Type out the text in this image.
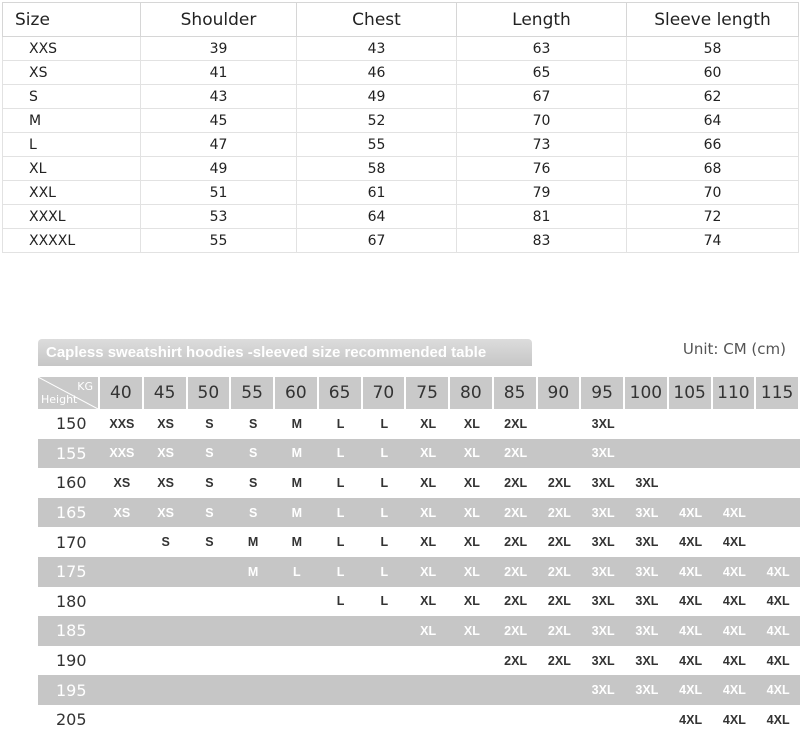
Size	Shoulder	Chest	Length	Sleeve length
XXS	39	43	63	58
XS	41	46	65	60
S	43	49	67	62
M	45	52	70	64
L	47	55	73	66
XL	49	58	76	68
XXL	51	61	79	70
XXXL	53	64	81	72
XXXXL	55	67	83	74
Capless sweatshirt hoodies -sleeved size recommended table	Unit: CM (cm)
KG
Height	40	45	50	55	60	65	70	75	80	85	90	95	100	105	110	115
150	XXS	XS	S	S	M	L	L	XL	XL	2XL		3XL				
155	XXS	XS	S	S	M	L	L	XL	XL	2XL		3XL				
160	XS	XS	S	S	M	L	L	XL	XL	2XL	2XL	3XL	3XL			
165	XS	XS	S	S	M	L	L	XL	XL	2XL	2XL	3XL	3XL	4XL	4XL	
170		S	S	M	M	L	L	XL	XL	2XL	2XL	3XL	3XL	4XL	4XL	
175				M	L	L	L	XL	XL	2XL	2XL	3XL	3XL	4XL	4XL	4XL
180						L	L	XL	XL	2XL	2XL	3XL	3XL	4XL	4XL	4XL
185								XL	XL	2XL	2XL	3XL	3XL	4XL	4XL	4XL
190										2XL	2XL	3XL	3XL	4XL	4XL	4XL
195												3XL	3XL	4XL	4XL	4XL
205														4XL	4XL	4XL
